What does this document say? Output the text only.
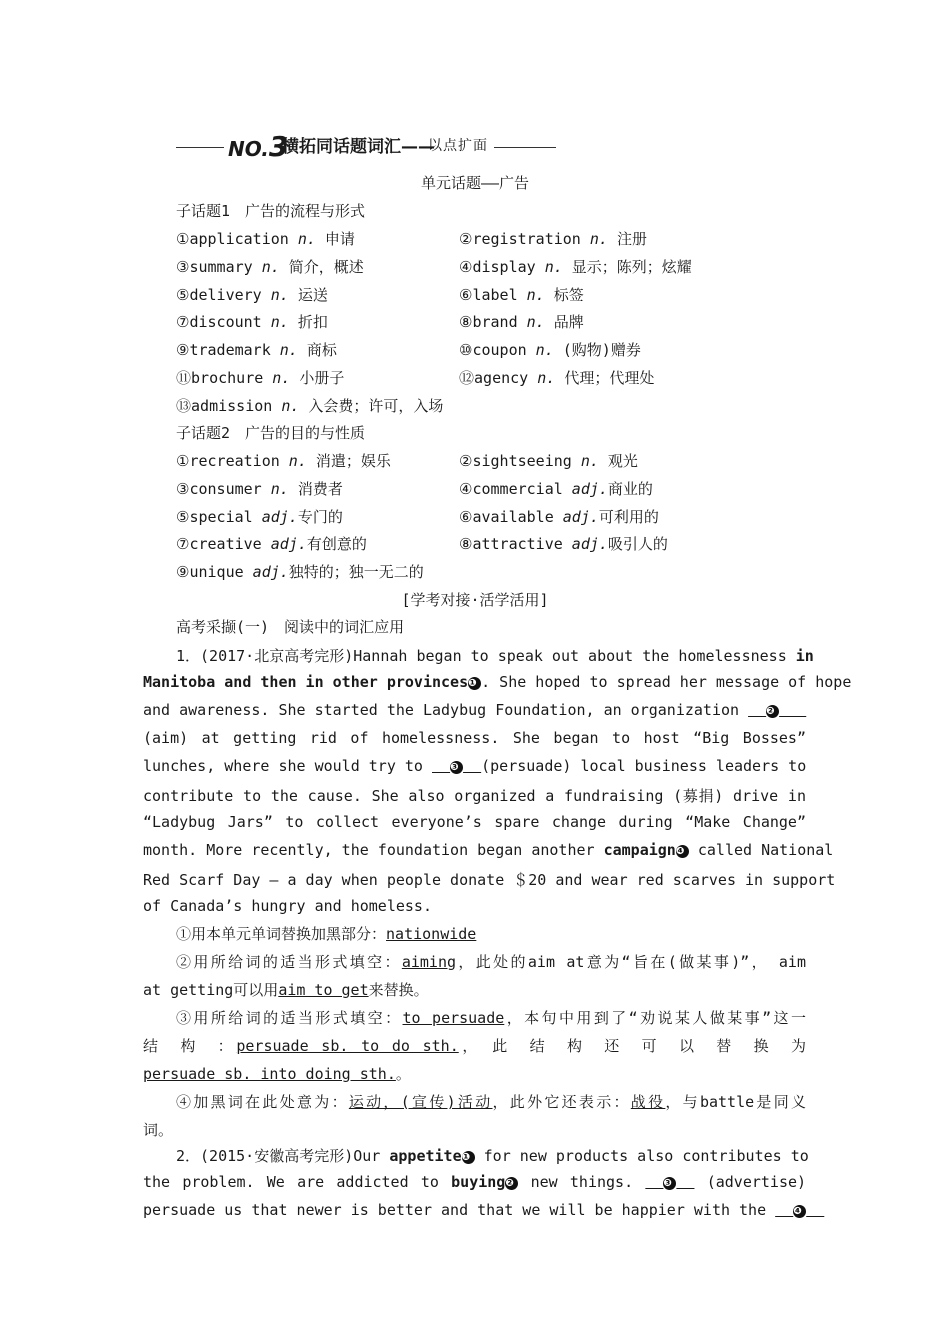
NO.3
横拓同话题词汇——
以点扩面
单元话题——广告
子话题1　广告的流程与形式
①application n. 申请	②registration n. 注册
③summary n. 简介，概述	④display n. 显示；陈列；炫耀
⑤delivery n. 运送	⑥label n. 标签
⑦discount n. 折扣	⑧brand n. 品牌
⑨trademark n. 商标	⑩coupon n. (购物)赠券
⑪brochure n. 小册子	⑫agency n. 代理；代理处
⑬admission n. 入会费；许可，入场
子话题2　广告的目的与性质
①recreation n. 消遣；娱乐	②sightseeing n. 观光
③consumer n. 消费者	④commercial adj.商业的
⑤special adj.专门的	⑥available adj.可利用的
⑦creative adj.有创意的	⑧attractive adj.吸引人的
⑨unique adj.独特的；独一无二的
[学考对接·活学活用]
高考采撷(一)　阅读中的词汇应用
1．(2017·北京高考完形)Hannah began to speak out about the homelessness in
Manitoba and then in other provinces❶ . She hoped to spread her message of hope
and awareness. She started the Ladybug Foundation, an organization	❷
(aim) at getting rid of homelessness. She began to host “Big Bosses”
lunches, where she would try to	❸ (persuade) local business leaders to
contribute to the cause. She also organized a fundraising (募捐) drive in
“Ladybug Jars” to collect everyone’s spare change during “Make Change”
month. More recently, the foundation began another campaign❹ called National
Red Scarf Day — a day when people donate ＄20 and wear red scarves in support
of Canada’s hungry and homeless.
①用本单元单词替换加黑部分：nationwide
②用所给词的适当形式填空：aiming，此处的aim at意为“旨在(做某事)”，　aim
at getting可以用aim to get来替换。
③用所给词的适当形式填空：to persuade，本句中用到了“劝说某人做某事”这一
结　构　：persuade sb. to do sth.，　此　结　构　还　可　以　替　换　为
persuade sb. into doing sth.。
④加黑词在此处意为：运动，(宣传)活动，此外它还表示：战役，与battle是同义
词。
2．(2015·安徽高考完形)Our appetite❶ for new products also contributes to
the problem. We are addicted to buying❷ new things.	❸ (advertise)
persuade us that newer is better and that we will be happier with the	❹
